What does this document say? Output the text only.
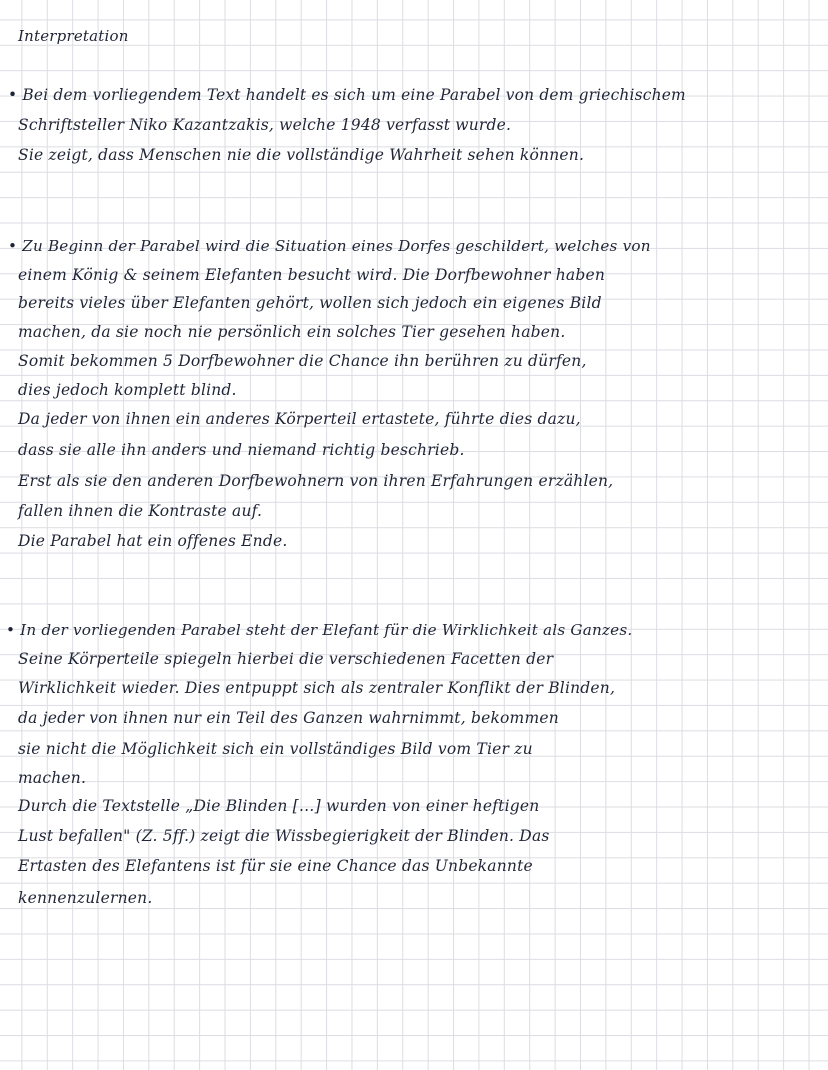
Interpretation
• Bei dem vorliegendem Text handelt es sich um eine Parabel von dem griechischem
Schriftsteller Niko Kazantzakis, welche 1948 verfasst wurde.
Sie zeigt, dass Menschen nie die vollständige Wahrheit sehen können.
• Zu Beginn der Parabel wird die Situation eines Dorfes geschildert, welches von
einem König & seinem Elefanten besucht wird. Die Dorfbewohner haben
bereits vieles über Elefanten gehört, wollen sich jedoch ein eigenes Bild
machen, da sie noch nie persönlich ein solches Tier gesehen haben.
Somit bekommen 5 Dorfbewohner die Chance ihn berühren zu dürfen,
dies jedoch komplett blind.
Da jeder von ihnen ein anderes Körperteil ertastete, führte dies dazu,
dass sie alle ihn anders und niemand richtig beschrieb.
Erst als sie den anderen Dorfbewohnern von ihren Erfahrungen erzählen,
fallen ihnen die Kontraste auf.
Die Parabel hat ein offenes Ende.
• In der vorliegenden Parabel steht der Elefant für die Wirklichkeit als Ganzes.
Seine Körperteile spiegeln hierbei die verschiedenen Facetten der
Wirklichkeit wieder. Dies entpuppt sich als zentraler Konflikt der Blinden,
da jeder von ihnen nur ein Teil des Ganzen wahrnimmt, bekommen
sie nicht die Möglichkeit sich ein vollständiges Bild vom Tier zu
machen.
Durch die Textstelle „Die Blinden […] wurden von einer heftigen
Lust befallen" (Z. 5ff.) zeigt die Wissbegierigkeit der Blinden. Das
Ertasten des Elefantens ist für sie eine Chance das Unbekannte
kennenzulernen.
